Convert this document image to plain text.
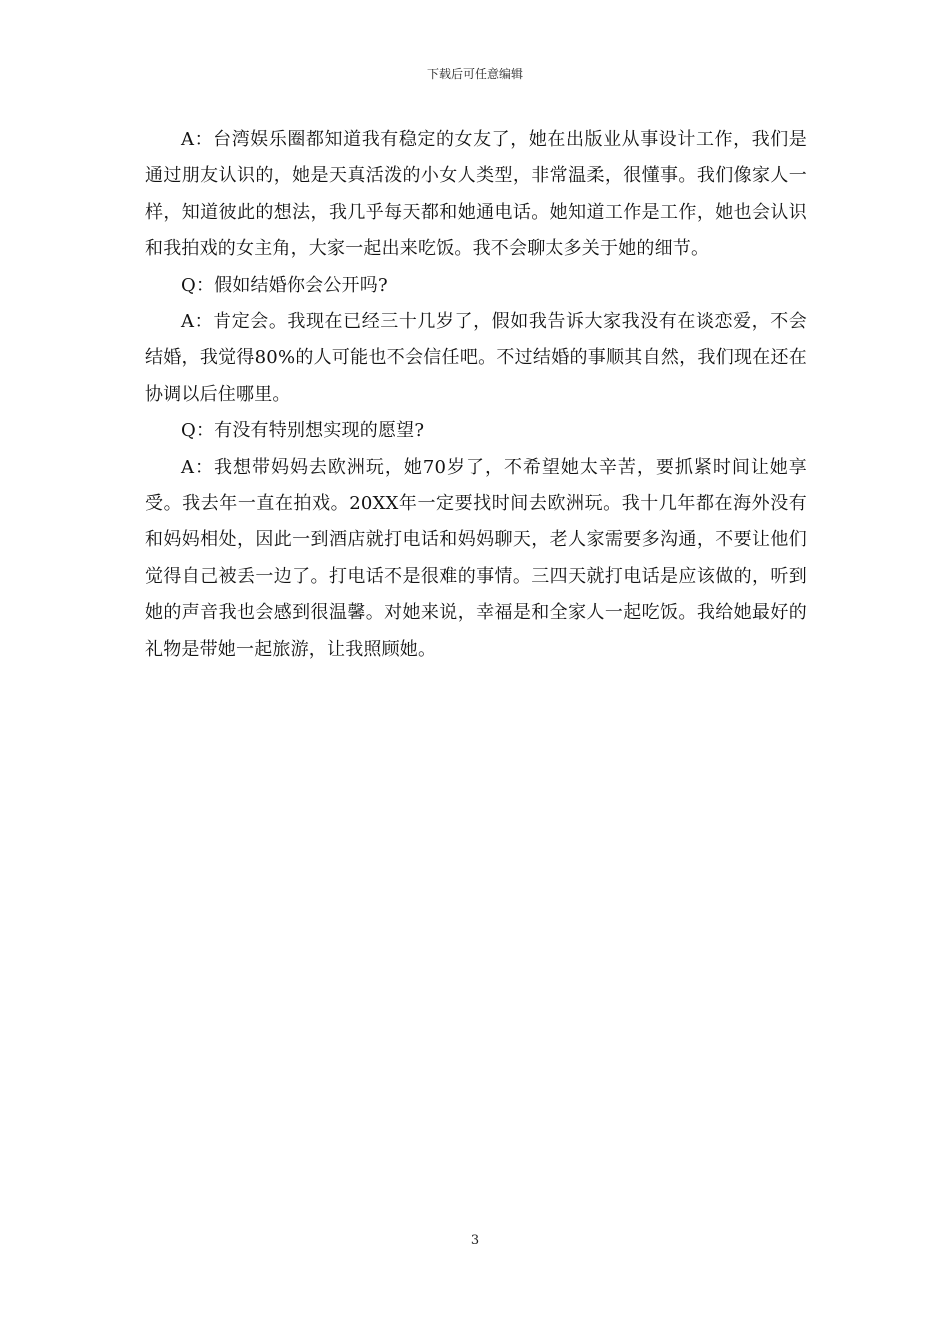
下载后可任意编辑

A：台湾娱乐圈都知道我有稳定的女友了，她在出版业从事设计工作，我们是通过朋友认识的，她是天真活泼的小女人类型，非常温柔，很懂事。我们像家人一样，知道彼此的想法，我几乎每天都和她通电话。她知道工作是工作，她也会认识和我拍戏的女主角，大家一起出来吃饭。我不会聊太多关于她的细节。

Q：假如结婚你会公开吗?

A：肯定会。我现在已经三十几岁了，假如我告诉大家我没有在谈恋爱，不会结婚，我觉得80%的人可能也不会信任吧。不过结婚的事顺其自然，我们现在还在协调以后住哪里。

Q：有没有特别想实现的愿望?

A：我想带妈妈去欧洲玩，她70岁了，不希望她太辛苦，要抓紧时间让她享受。我去年一直在拍戏。20XX年一定要找时间去欧洲玩。我十几年都在海外没有和妈妈相处，因此一到酒店就打电话和妈妈聊天，老人家需要多沟通，不要让他们觉得自己被丢一边了。打电话不是很难的事情。三四天就打电话是应该做的，听到她的声音我也会感到很温馨。对她来说，幸福是和全家人一起吃饭。我给她最好的礼物是带她一起旅游，让我照顾她。

3
